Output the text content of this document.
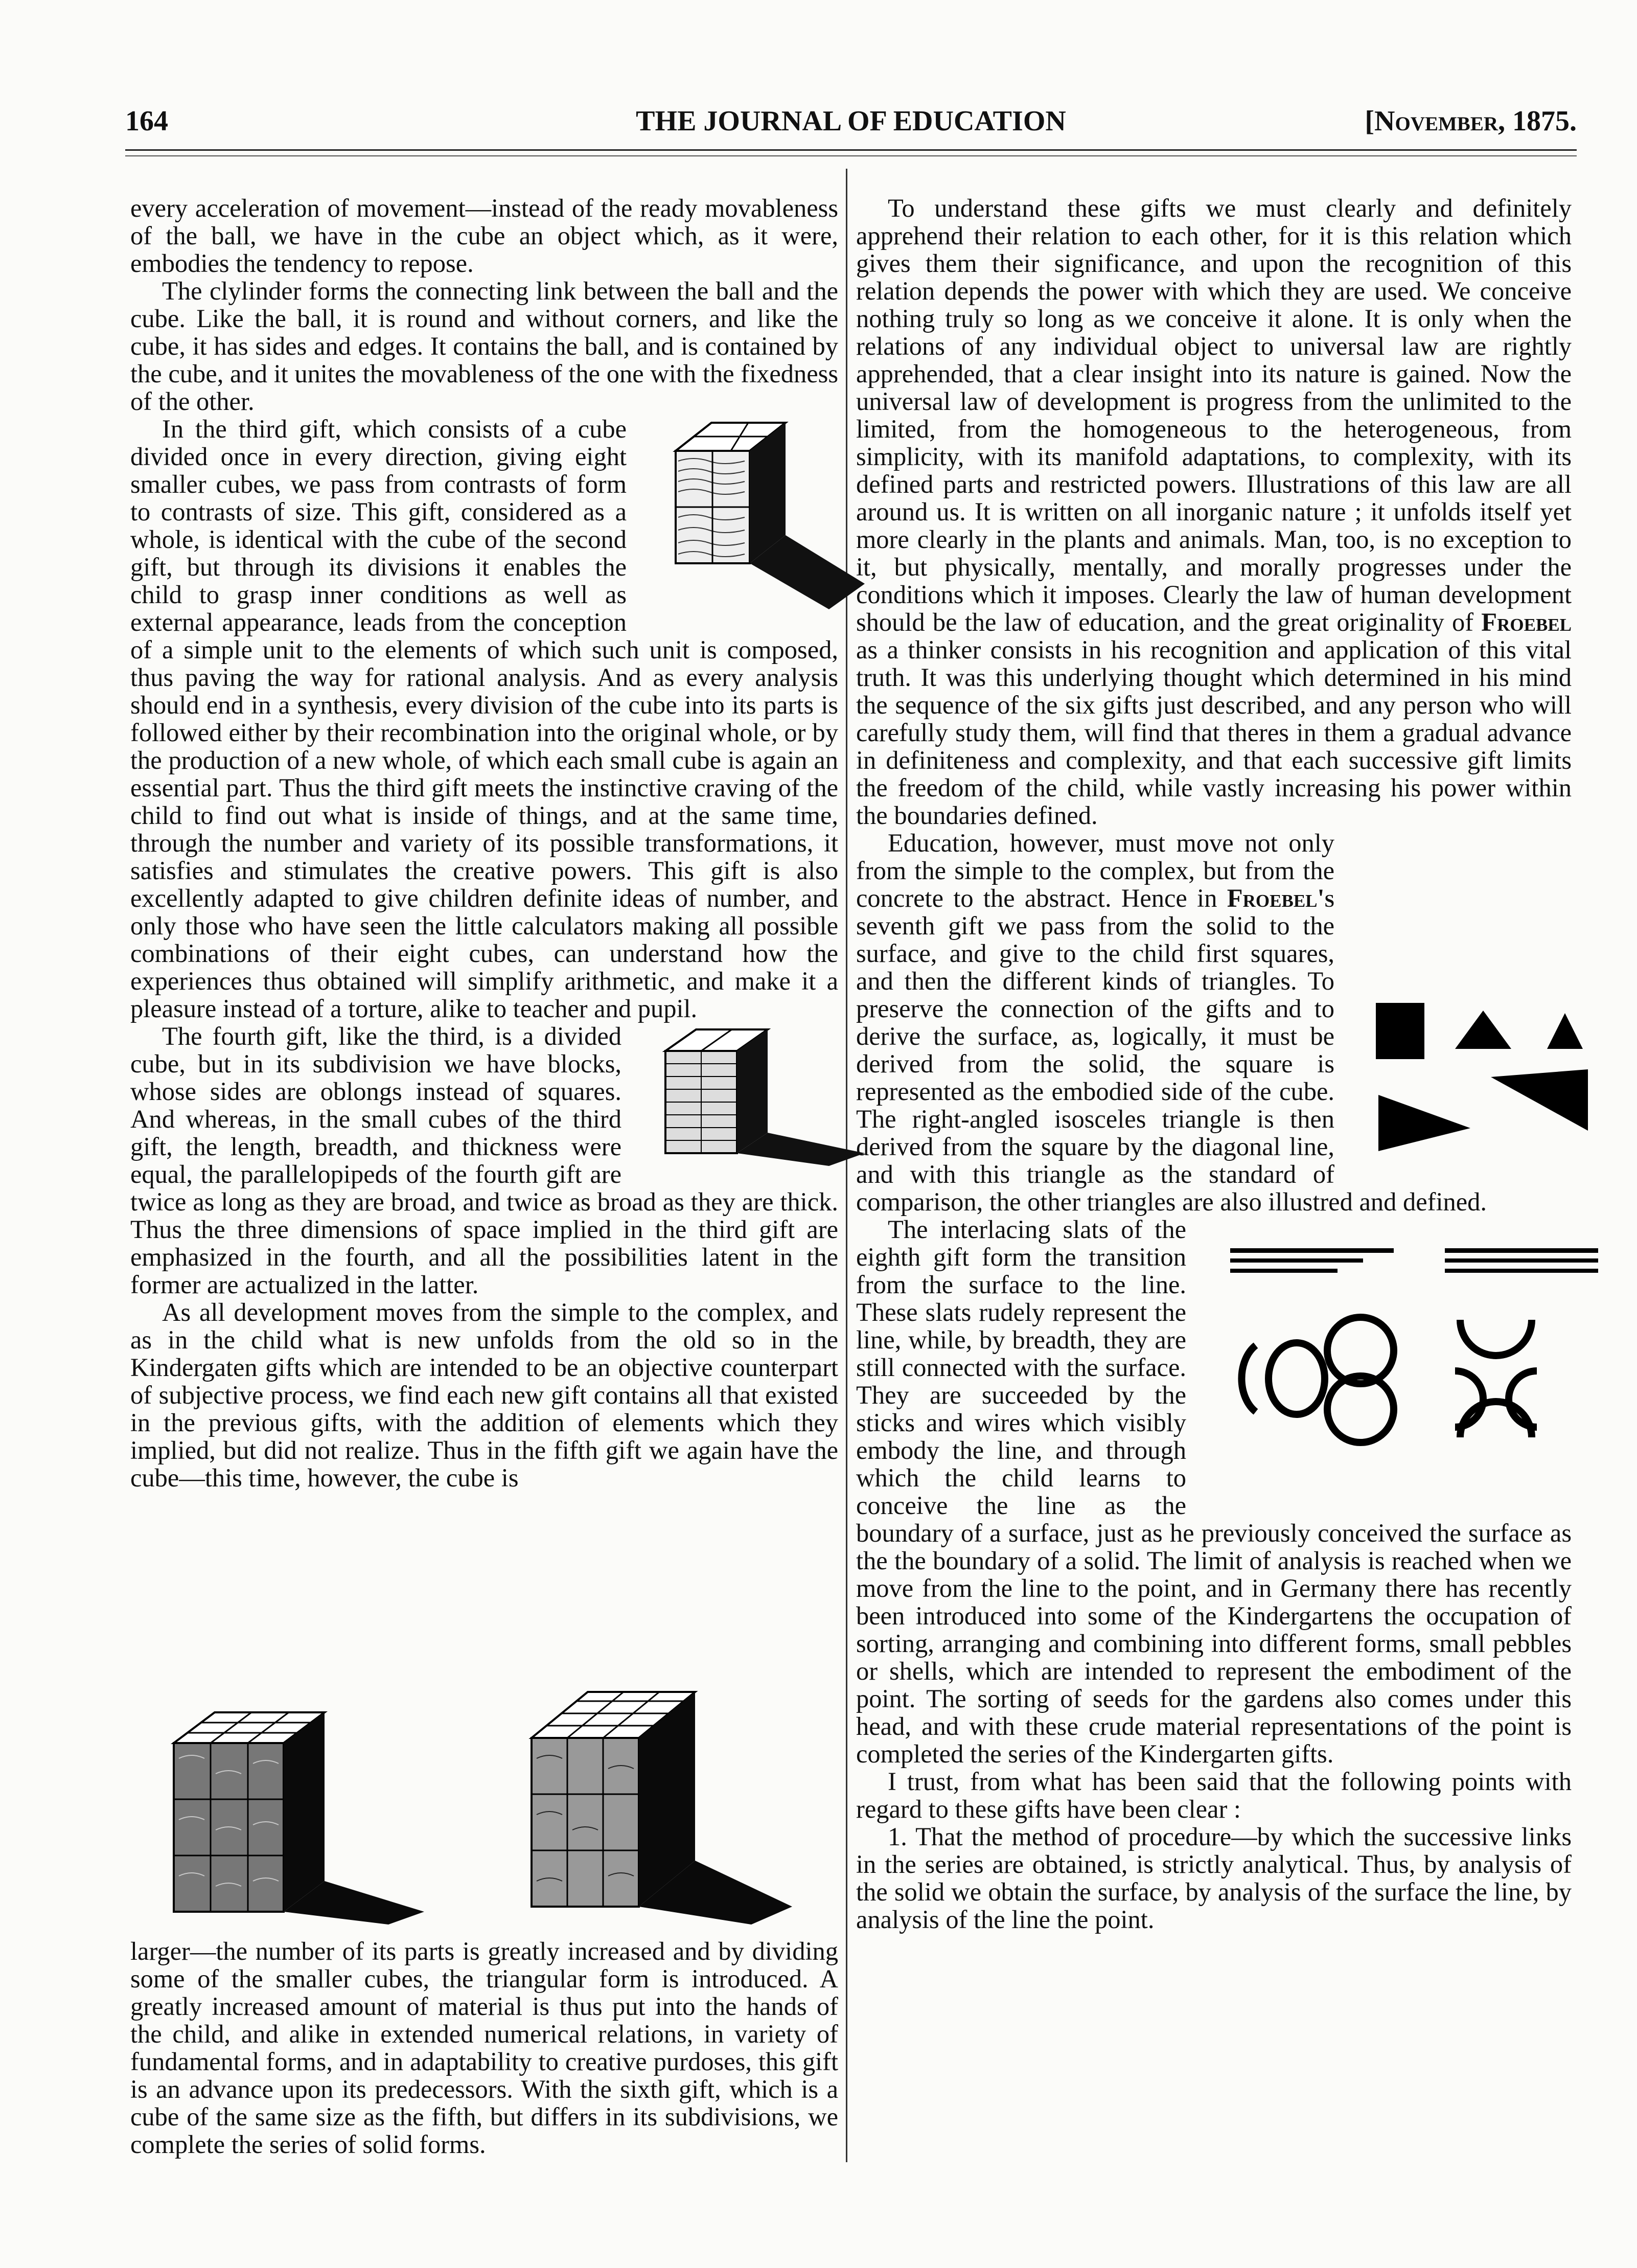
THE JOURNAL OF EDUCATION
164	[November, 1875.

every acceleration of movement—instead of the ready movableness of the ball, we have in the cube an object which, as it were, embodies the tendency to repose.

The clylinder forms the connecting link between the ball and the cube. Like the ball, it is round and without corners, and like the cube, it has sides and edges. It contains the ball, and is contained by the cube, and it unites the movableness of the one with the fixedness of the other.

In the third gift, which consists of a cube divided once in every direction, giving eight smaller cubes, we pass from contrasts of form to contrasts of size. This gift, considered as a whole, is identical with the cube of the second gift, but through its divisions it enables the child to grasp inner conditions as well as external appearance, leads from the conception of a simple unit to the elements of which such unit is composed, thus paving the way for rational analysis. And as every analysis should end in a synthesis, every division of the cube into its parts is followed either by their recombination into the original whole, or by the production of a new whole, of which each small cube is again an essential part. Thus the third gift meets the instinctive craving of the child to find out what is inside of things, and at the same time, through the number and variety of its possible transformations, it satisfies and stimulates the creative powers. This gift is also excellently adapted to give children definite ideas of number, and only those who have seen the little calculators making all possible combinations of their eight cubes, can understand how the experiences thus obtained will simplify arithmetic, and make it a pleasure instead of a torture, alike to teacher and pupil.

The fourth gift, like the third, is a divided cube, but in its subdivision we have blocks, whose sides are oblongs instead of squares. And whereas, in the small cubes of the third gift, the length, breadth, and thickness were equal, the parallelopipeds of the fourth gift are twice as long as they are broad, and twice as broad as they are thick. Thus the three dimensions of space implied in the third gift are emphasized in the fourth, and all the possibilities latent in the former are actualized in the latter.

As all development moves from the simple to the complex, and as in the child what is new unfolds from the old so in the Kindergaten gifts which are intended to be an objective counterpart of subjective process, we find each new gift contains all that existed in the previous gifts, with the addition of elements which they implied, but did not realize. Thus in the fifth gift we again have the cube—this time, however, the cube is

larger—the number of its parts is greatly increased and by dividing some of the smaller cubes, the triangular form is introduced. A greatly increased amount of material is thus put into the hands of the child, and alike in extended numerical relations, in variety of fundamental forms, and in adaptability to creative purdoses, this gift is an advance upon its predecessors. With the sixth gift, which is a cube of the same size as the fifth, but differs in its subdivisions, we complete the series of solid forms.

To understand these gifts we must clearly and definitely apprehend their relation to each other, for it is this relation which gives them their significance, and upon the recognition of this relation depends the power with which they are used. We conceive nothing truly so long as we conceive it alone. It is only when the relations of any individual object to universal law are rightly apprehended, that a clear insight into its nature is gained. Now the universal law of development is progress from the unlimited to the limited, from the homogeneous to the heterogeneous, from simplicity, with its manifold adaptations, to complexity, with its defined parts and restricted powers. Illustrations of this law are all around us. It is written on all inorganic nature ; it unfolds itself yet more clearly in the plants and animals. Man, too, is no exception to it, but physically, mentally, and morally progresses under the conditions which it imposes. Clearly the law of human development should be the law of education, and the great originality of Froebel as a thinker consists in his recognition and application of this vital truth. It was this underlying thought which determined in his mind the sequence of the six gifts just described, and any person who will carefully study them, will find that theres in them a gradual advance in definiteness and complexity, and that each successive gift limits the freedom of the child, while vastly increasing his power within the boundaries defined.

Education, however, must move not only from the simple to the complex, but from the concrete to the abstract. Hence in Froebel's seventh gift we pass from the solid to the surface, and give to the child first squares, and then the different kinds of triangles. To preserve the connection of the gifts and to derive the surface, as, logically, it must be derived from the solid, the square is represented as the embodied side of the cube. The right-angled isosceles triangle is then derived from the square by the diagonal line, and with this triangle as the standard of comparison, the other triangles are also illustred and defined.

The interlacing slats of the eighth gift form the transition from the surface to the line. These slats rudely represent the line, while, by breadth, they are still connected with the surface. They are succeeded by the sticks and wires which visibly embody the line, and through which the child learns to conceive the line as the boundary of a surface, just as he previously conceived the surface as the the boundary of a solid. The limit of analysis is reached when we move from the line to the point, and in Germany there has recently been introduced into some of the Kindergartens the occupation of sorting, arranging and combining into different forms, small pebbles or shells, which are intended to represent the embodiment of the point. The sorting of seeds for the gardens also comes under this head, and with these crude material representations of the point is completed the series of the Kindergarten gifts.

I trust, from what has been said that the following points with regard to these gifts have been clear :

1. That the method of procedure—by which the successive links in the series are obtained, is strictly analytical. Thus, by analysis of the solid we obtain the surface, by analysis of the surface the line, by analysis of the line the point.
